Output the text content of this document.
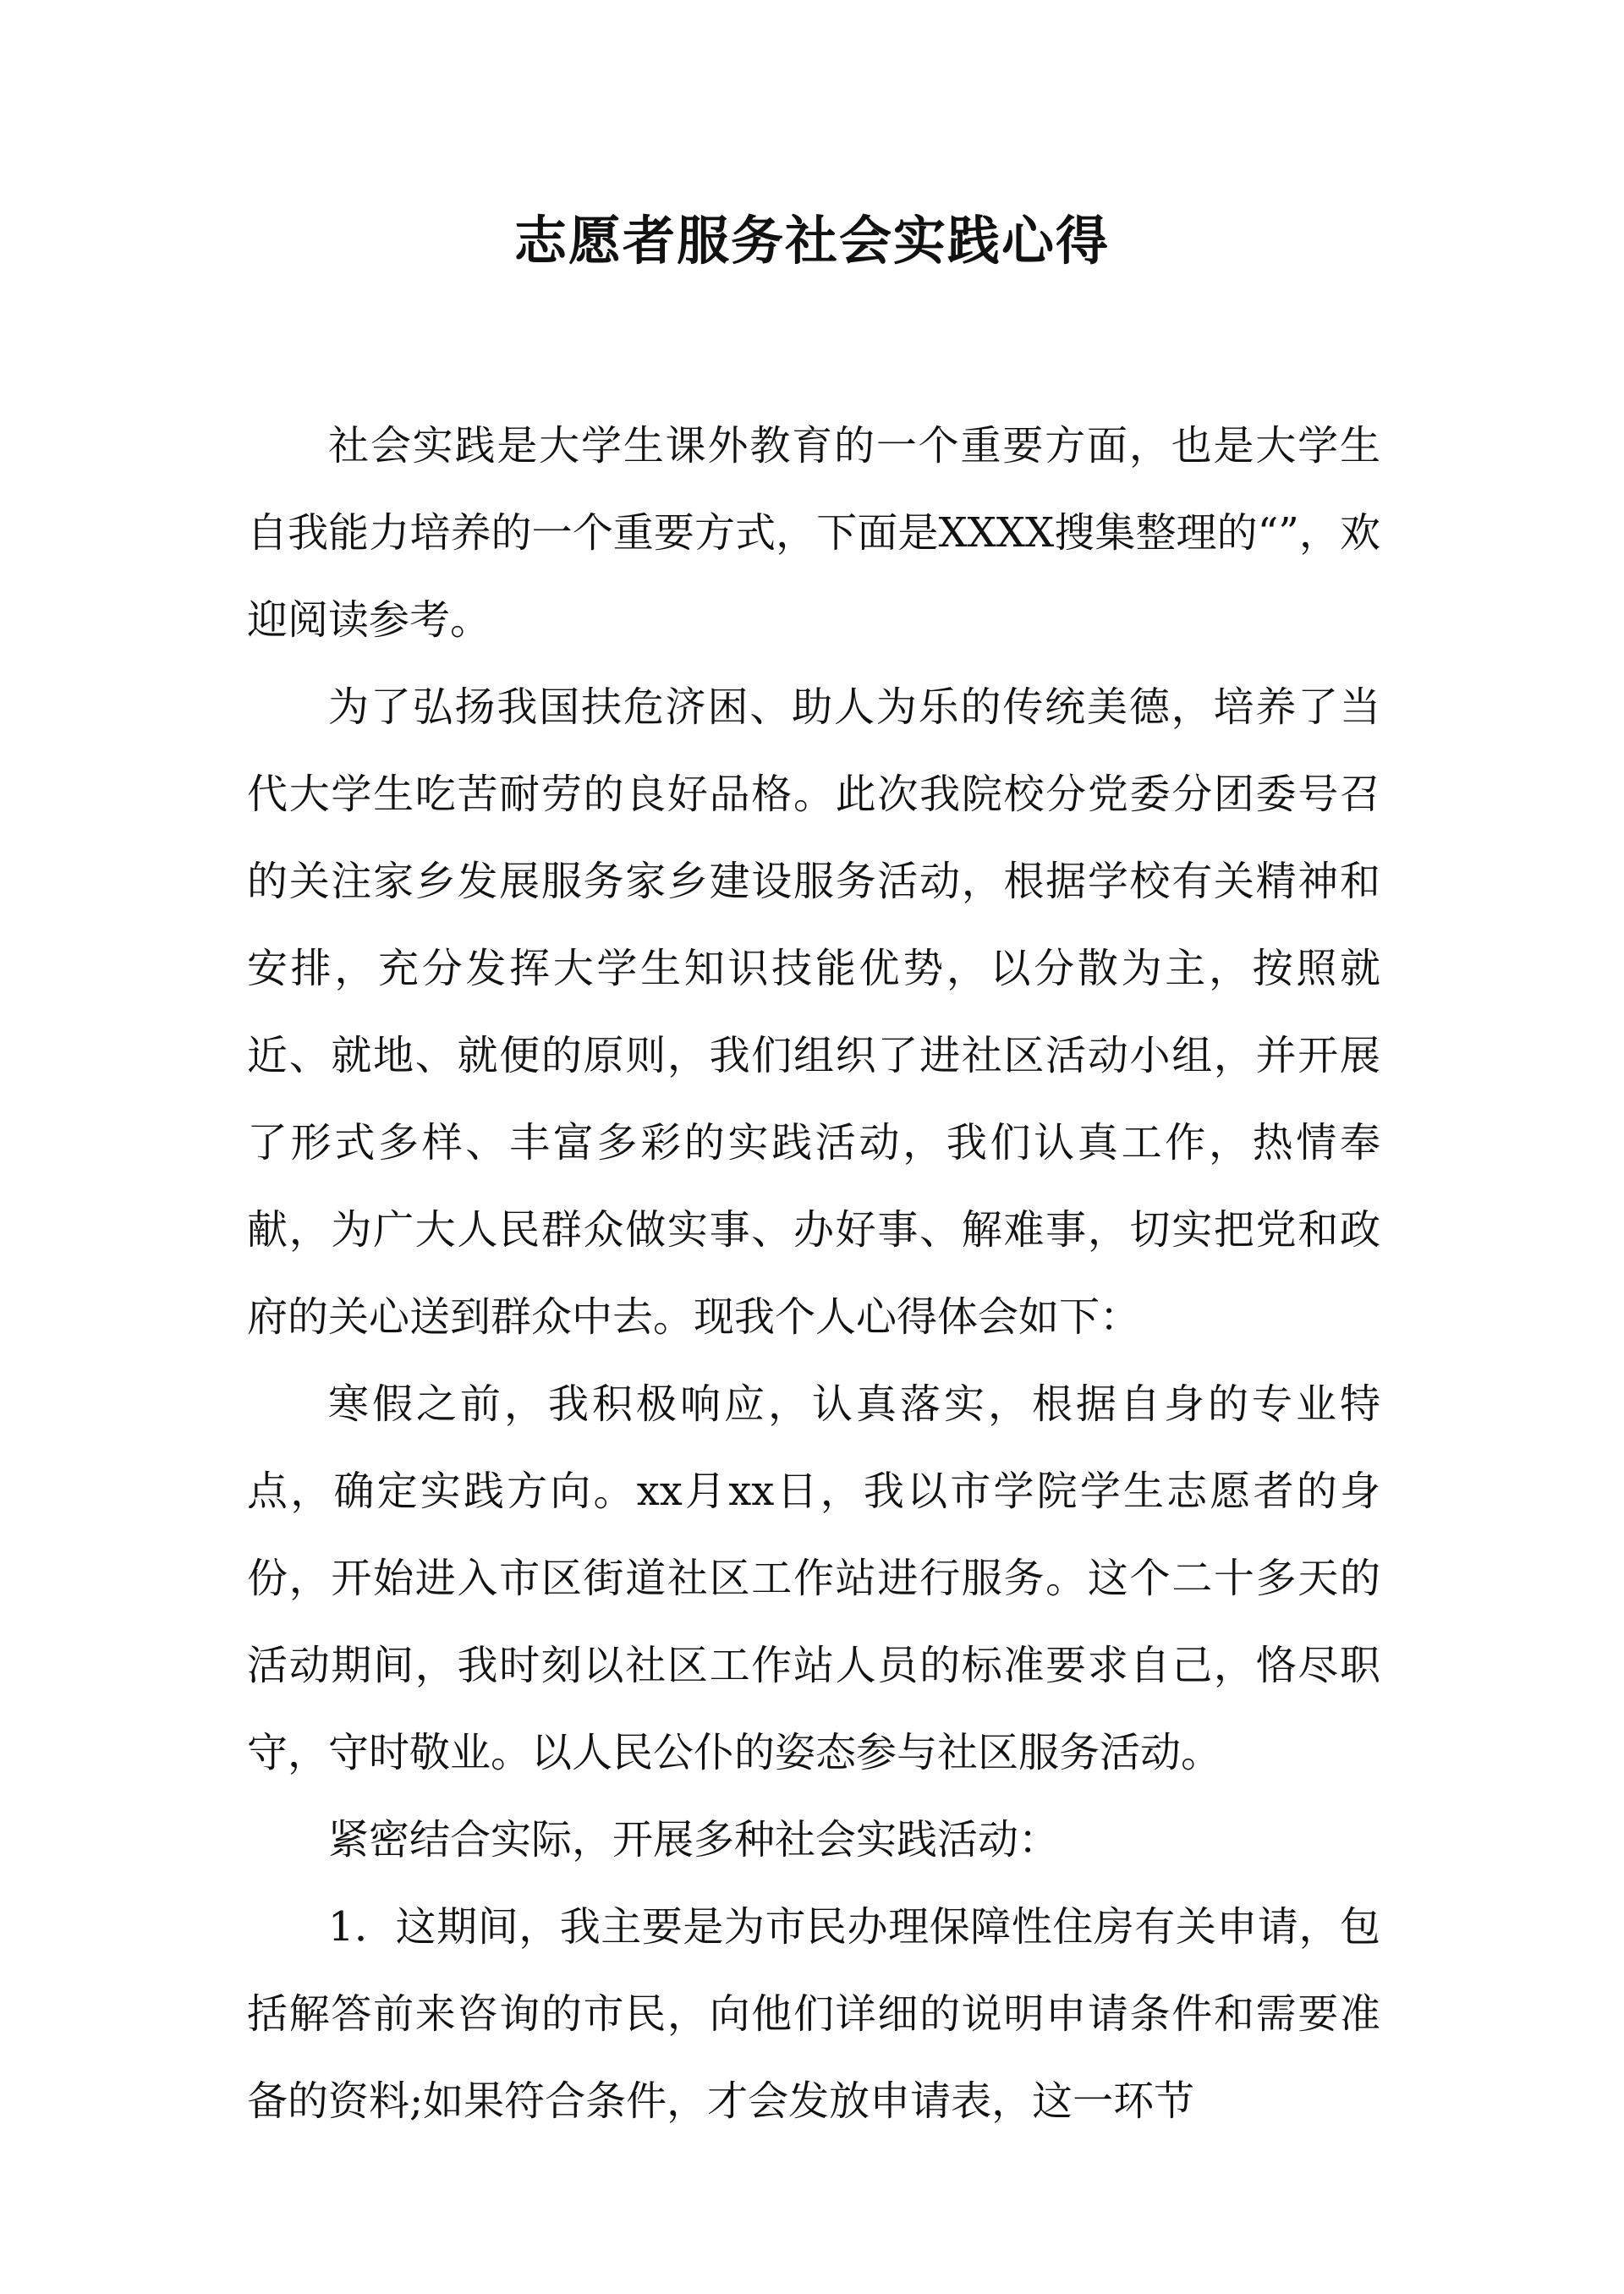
志愿者服务社会实践心得

社会实践是大学生课外教育的一个重要方面，也是大学生自我能力培养的一个重要方式，下面是XXXX搜集整理的“”，欢迎阅读参考。

为了弘扬我国扶危济困、助人为乐的传统美德，培养了当代大学生吃苦耐劳的良好品格。此次我院校分党委分团委号召的关注家乡发展服务家乡建设服务活动，根据学校有关精神和安排，充分发挥大学生知识技能优势，以分散为主，按照就近、就地、就便的原则，我们组织了进社区活动小组，并开展了形式多样、丰富多彩的实践活动，我们认真工作，热情奉献，为广大人民群众做实事、办好事、解难事，切实把党和政府的关心送到群众中去。现我个人心得体会如下：

寒假之前，我积极响应，认真落实，根据自身的专业特点，确定实践方向。xx月xx日，我以市学院学生志愿者的身份，开始进入市区街道社区工作站进行服务。这个二十多天的活动期间，我时刻以社区工作站人员的标准要求自己，恪尽职守，守时敬业。以人民公仆的姿态参与社区服务活动。

紧密结合实际，开展多种社会实践活动：

1．这期间，我主要是为市民办理保障性住房有关申请，包括解答前来咨询的市民，向他们详细的说明申请条件和需要准备的资料;如果符合条件，才会发放申请表，这一环节
